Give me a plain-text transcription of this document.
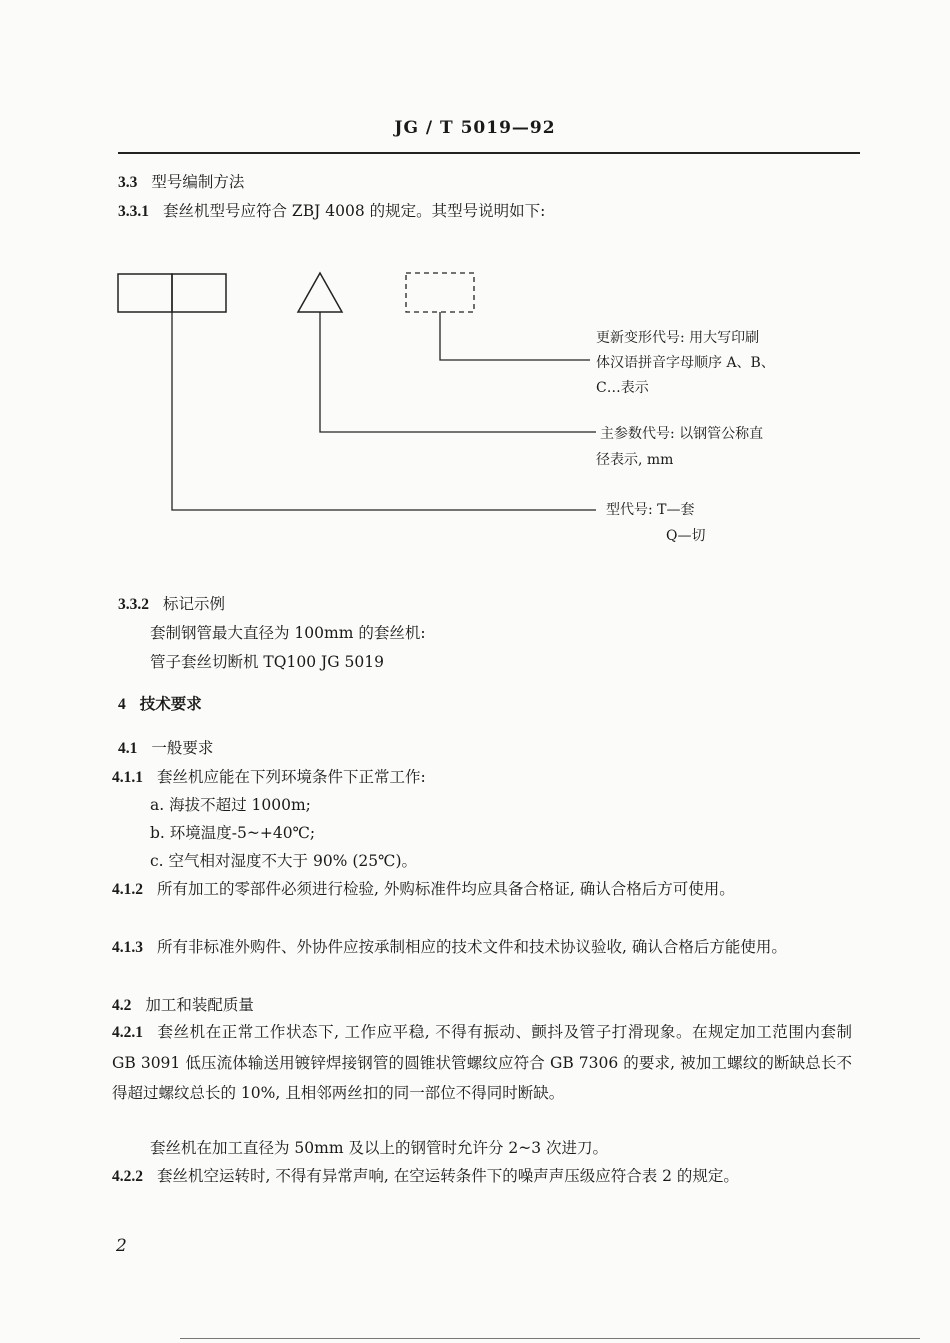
JG / T 5019—92
3.3 型号编制方法
3.3.1 套丝机型号应符合 ZBJ 4008 的规定。其型号说明如下:
更新变形代号: 用大写印刷
体汉语拼音字母顺序 A、B、
C…表示
主参数代号: 以钢管公称直
径表示, mm
型代号: T—套
Q—切
3.3.2 标记示例
套制钢管最大直径为 100mm 的套丝机:
管子套丝切断机 TQ100 JG 5019
4 技术要求
4.1 一般要求
4.1.1 套丝机应能在下列环境条件下正常工作:
a. 海拔不超过 1000m;
b. 环境温度-5~+40℃;
c. 空气相对湿度不大于 90% (25℃)。
4.1.2 所有加工的零部件必须进行检验, 外购标准件均应具备合格证, 确认合格后方可使用。
4.1.3 所有非标准外购件、外协件应按承制相应的技术文件和技术协议验收, 确认合格后方能使用。
4.2 加工和装配质量
4.2.1 套丝机在正常工作状态下, 工作应平稳, 不得有振动、颤抖及管子打滑现象。在规定加工范围内套制 GB 3091 低压流体输送用镀锌焊接钢管的圆锥状管螺纹应符合 GB 7306 的要求, 被加工螺纹的断缺总长不得超过螺纹总长的 10%, 且相邻两丝扣的同一部位不得同时断缺。
套丝机在加工直径为 50mm 及以上的钢管时允许分 2~3 次进刀。
4.2.2 套丝机空运转时, 不得有异常声响, 在空运转条件下的噪声声压级应符合表 2 的规定。
2
